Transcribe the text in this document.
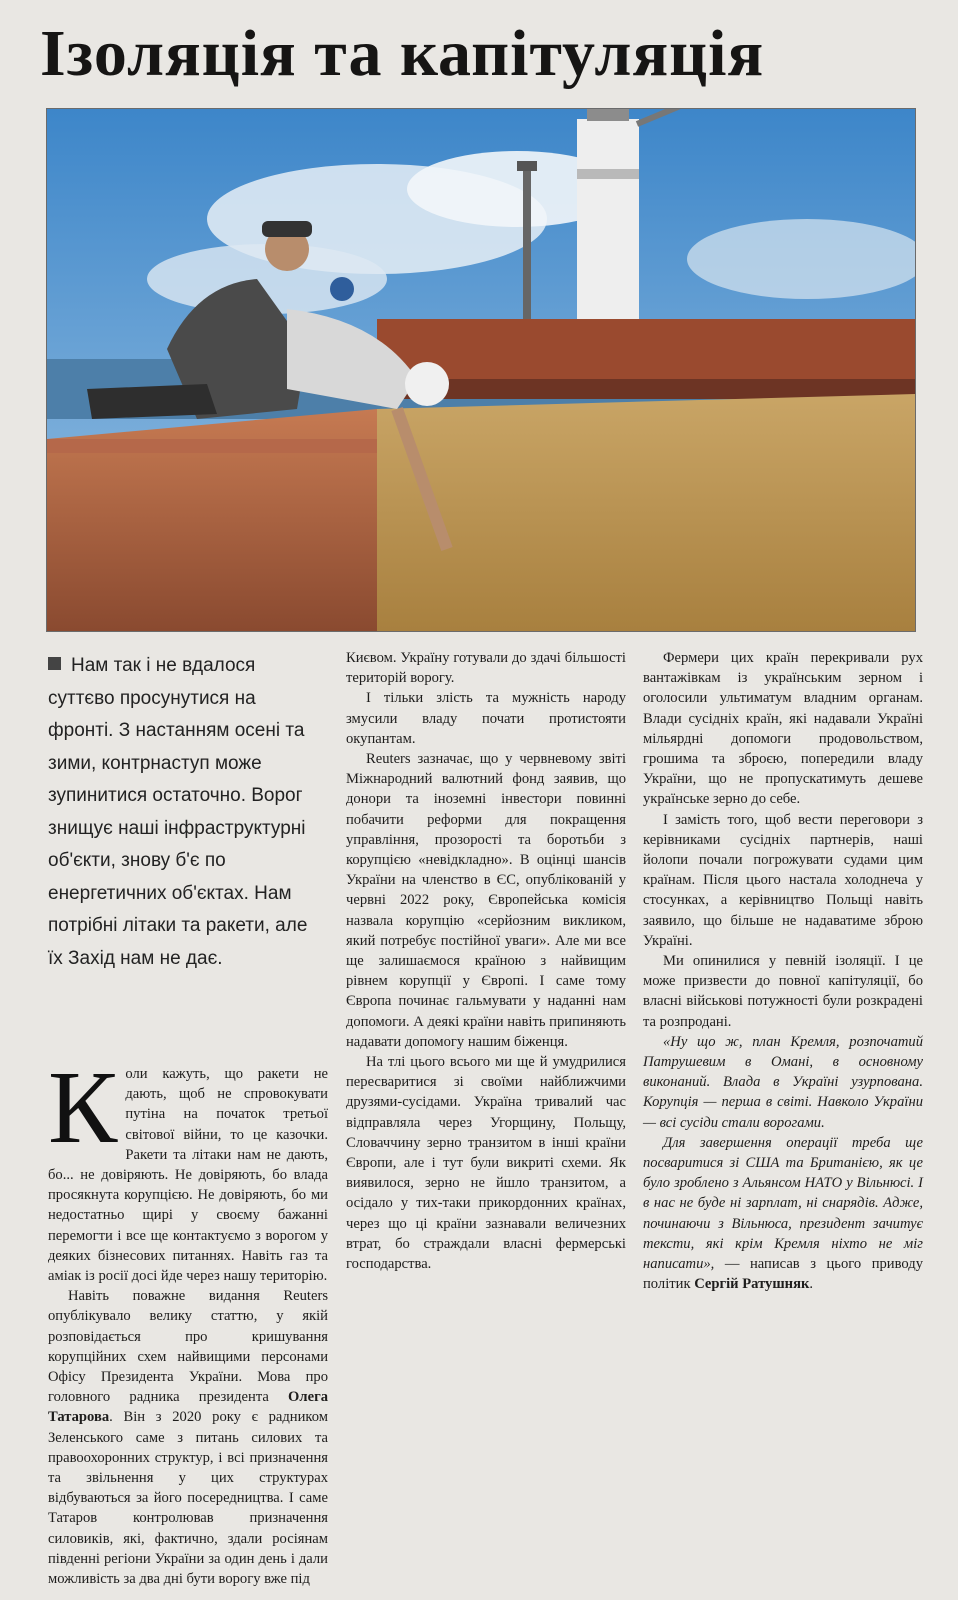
Ізоляція та капітуляція
Нам так і не вдалося суттєво просунутися на фронті. З настанням осені та зими, контрнаступ може зупинитися остаточно. Ворог знищує наші інфраструктурні об'єкти, знову б'є по енергетичних об'єктах. Нам потрібні літаки та ракети, але їх Захід нам не дає.

Коли кажуть, що ракети не дають, щоб не спровокувати путіна на початок третьої світової війни, то це казочки. Ракети та літаки нам не дають, бо... не довіряють. Не довіряють, бо влада просякнута корупцією. Не довіряють, бо ми недостатньо щирі у своєму бажанні перемогти і все ще контактуємо з ворогом у деяких бізнесових питаннях. Навіть газ та аміак із росії досі йде через нашу територію.

Навіть поважне видання Reuters опублікувало велику статтю, у якій розповідається про кришування корупційних схем найвищими персонами Офісу Президента України. Мова про головного радника президента Олега Татарова. Він з 2020 року є радником Зеленського саме з питань силових та правоохоронних структур, і всі призначення та звільнення у цих структурах відбуваються за його посередництва. І саме Татаров контролював призначення силовиків, які, фактично, здали росіянам південні регіони України за один день і дали можливість за два дні бути ворогу вже під

Києвом. Україну готували до здачі більшості територій ворогу.

І тільки злість та мужність народу змусили владу почати протистояти окупантам.

Reuters зазначає, що у червневому звіті Міжнародний валютний фонд заявив, що донори та іноземні інвестори повинні побачити реформи для покращення управління, прозорості та боротьби з корупцією «невідкладно». В оцінці шансів України на членство в ЄС, опублікованій у червні 2022 року, Європейська комісія назвала корупцію «серйозним викликом, який потребує постійної уваги». Але ми все ще залишаємося країною з найвищим рівнем корупції у Європі. І саме тому Європа починає гальмувати у наданні нам допомоги. А деякі країни навіть припиняють надавати допомогу нашим біженця.

На тлі цього всього ми ще й умудрилися пересваритися зі своїми найближчими друзями-сусідами. Україна тривалий час відправляла через Угорщину, Польщу, Словаччину зерно транзитом в інші країни Європи, але і тут були викриті схеми. Як виявилося, зерно не йшло транзитом, а осідало у тих-таки прикордонних країнах, через що ці країни зазнавали величезних втрат, бо страждали власні фермерські господарства.

Фермери цих країн перекривали рух вантажівкам із українським зерном і оголосили ультиматум владним органам. Влади сусідніх країн, які надавали Україні мільярдні допомоги продовольством, грошима та зброєю, попередили владу України, що не пропускатимуть дешеве українське зерно до себе.

І замість того, щоб вести переговори з керівниками сусідніх партнерів, наші йолопи почали погрожувати судами цим країнам. Після цього настала холоднеча у стосунках, а керівництво Польщі навіть заявило, що більше не надаватиме зброю Україні.

Ми опинилися у певній ізоляції. І це може призвести до повної капітуляції, бо власні військові потужності були розкрадені та розпродані.

«Ну що ж, план Кремля, розпочатий Патрушевим в Омані, в основному виконаний. Влада в Україні узурпована. Корупція — перша в світі. Навколо України — всі сусіди стали ворогами.

Для завершення операції треба ще посваритися зі США та Британією, як це було зроблено з Альянсом НАТО у Вільнюсі. І в нас не буде ні зарплат, ні снарядів. Адже, починаючи з Вільнюса, президент зачитує тексти, які крім Кремля ніхто не міг написати», — написав з цього приводу політик Сергій Ратушняк.
